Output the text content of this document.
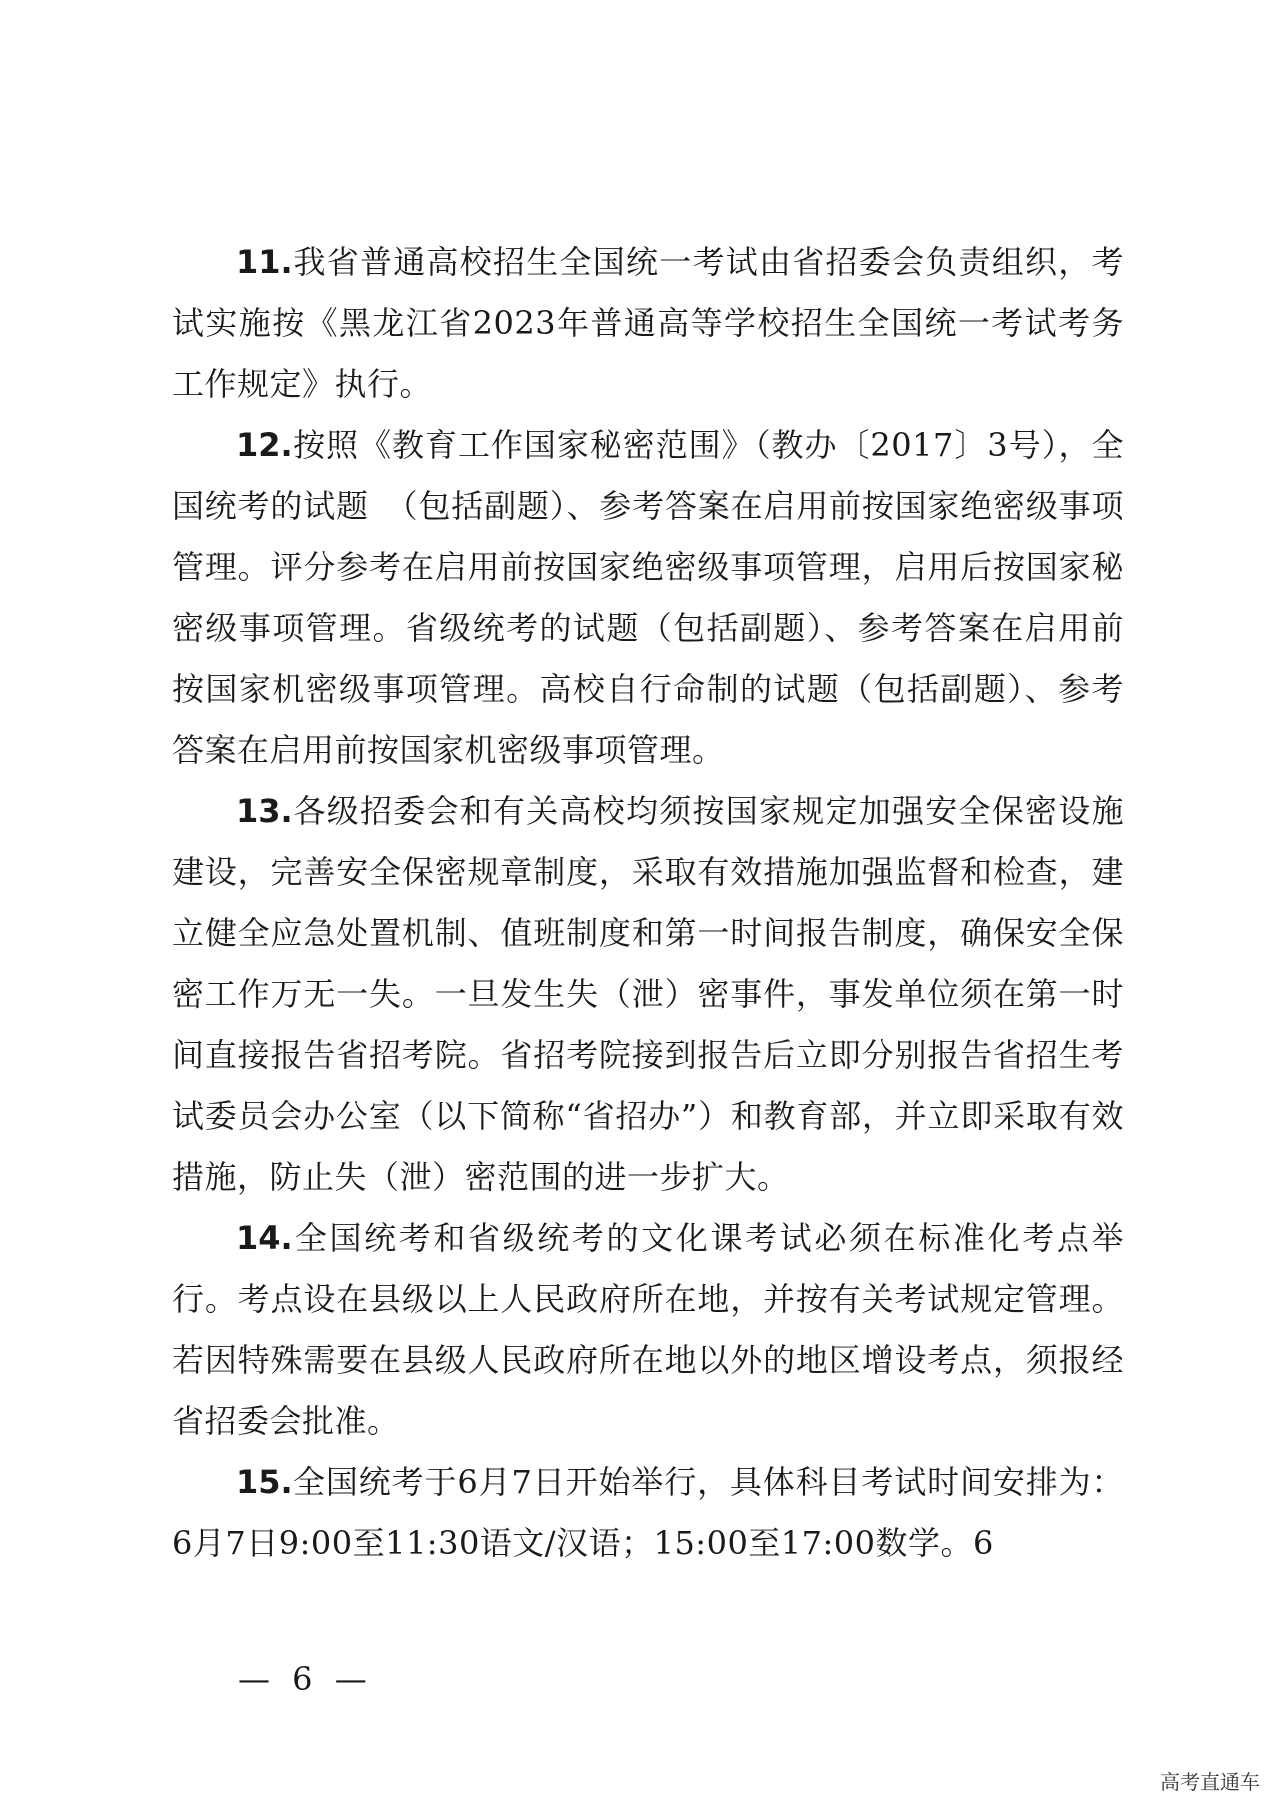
11.我省普通高校招生全国统一考试由省招委会负责组织，考试实施按《黑龙江省2023年普通高等学校招生全国统一考试考务工作规定》执行。

12.按照《教育工作国家秘密范围》（教办〔2017〕3号），全国统考的试题　（包括副题）、参考答案在启用前按国家绝密级事项管理。评分参考在启用前按国家绝密级事项管理，启用后按国家秘密级事项管理。省级统考的试题（包括副题）、参考答案在启用前按国家机密级事项管理。高校自行命制的试题（包括副题）、参考答案在启用前按国家机密级事项管理。

13.各级招委会和有关高校均须按国家规定加强安全保密设施建设，完善安全保密规章制度，采取有效措施加强监督和检查，建立健全应急处置机制、值班制度和第一时间报告制度，确保安全保密工作万无一失。一旦发生失（泄）密事件，事发单位须在第一时间直接报告省招考院。省招考院接到报告后立即分别报告省招生考试委员会办公室（以下简称“省招办”）和教育部，并立即采取有效措施，防止失（泄）密范围的进一步扩大。

14.全国统考和省级统考的文化课考试必须在标准化考点举行。考点设在县级以上人民政府所在地，并按有关考试规定管理。若因特殊需要在县级人民政府所在地以外的地区增设考点，须报经省招委会批准。

15.全国统考于6月7日开始举行，具体科目考试时间安排为：6月7日9:00至11:30语文/汉语；15:00至17:00数学。6

— 6 —
高考直通车
